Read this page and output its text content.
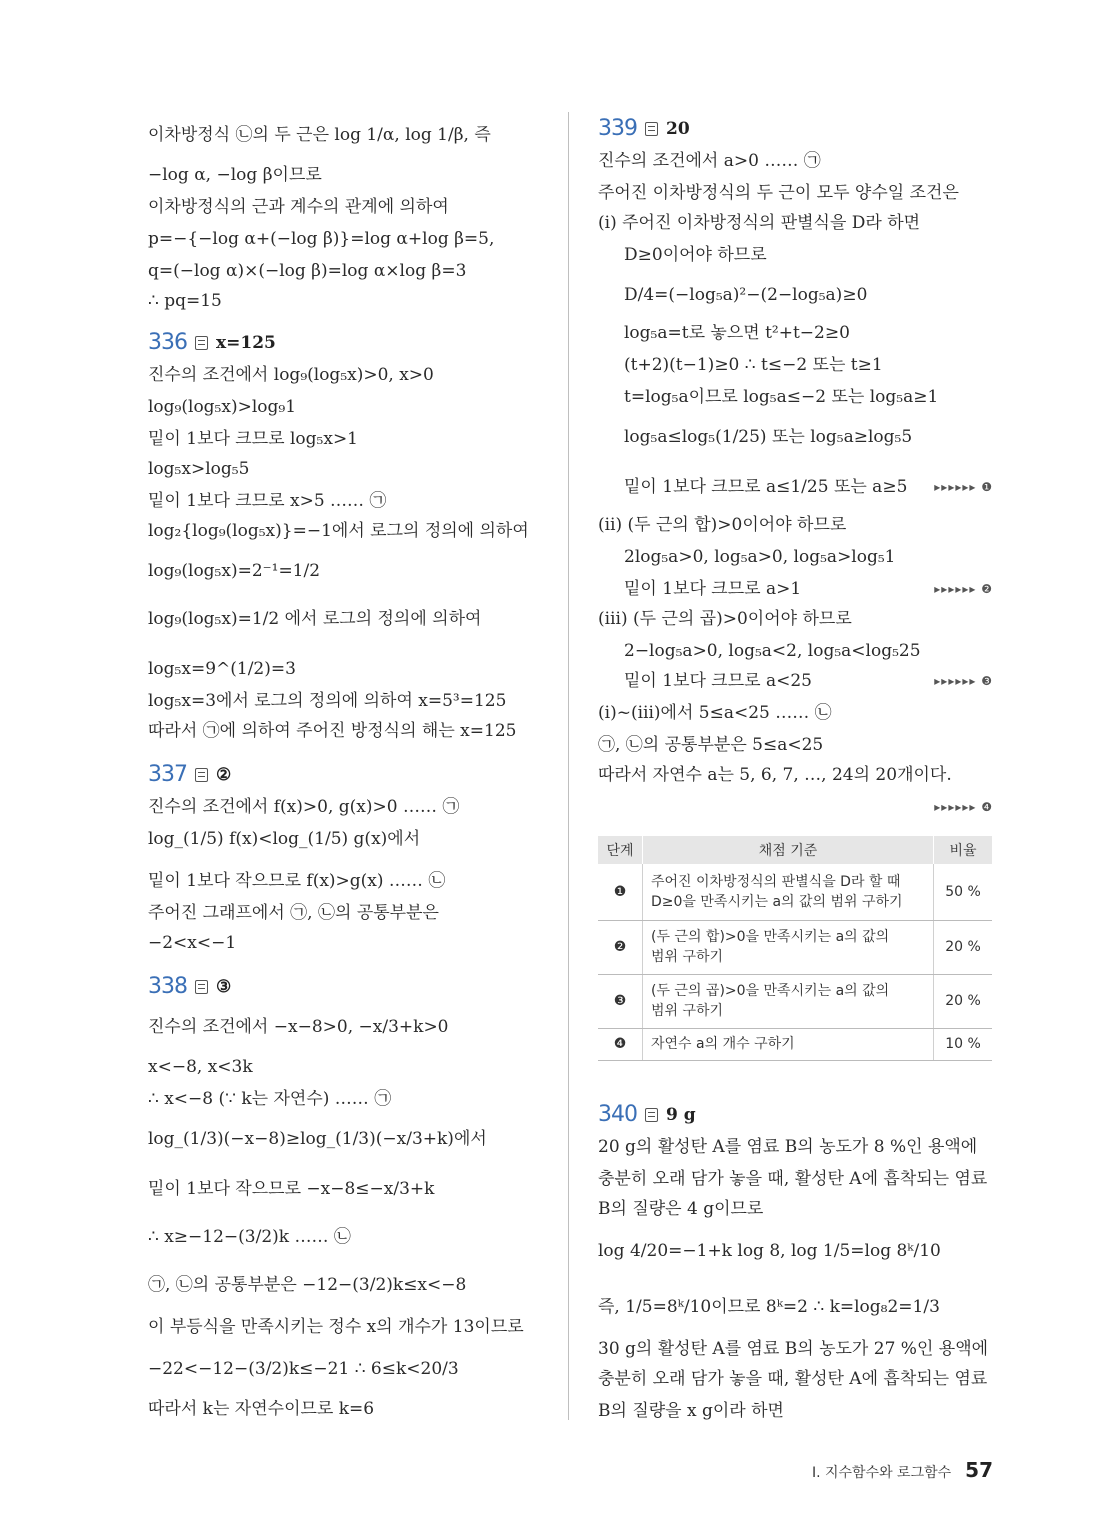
이차방정식 ㉡의 두 근은 log 1/α, log 1/β, 즉
−log α, −log β이므로
이차방정식의 근과 계수의 관계에 의하여
p=−{−log α+(−log β)}=log α+log β=5,
q=(−log α)×(−log β)=log α×log β=3
∴ pq=15
336 x=125
진수의 조건에서 log₉(log₅x)>0, x>0
log₉(log₅x)>log₉1
밑이 1보다 크므로 log₅x>1
log₅x>log₅5
밑이 1보다 크므로 x>5 …… ㉠
log₂{log₉(log₅x)}=−1에서 로그의 정의에 의하여
log₉(log₅x)=2⁻¹=1/2
log₉(log₅x)=1/2 에서 로그의 정의에 의하여
log₅x=9^(1/2)=3
log₅x=3에서 로그의 정의에 의하여 x=5³=125
따라서 ㉠에 의하여 주어진 방정식의 해는 x=125
337 ②
진수의 조건에서 f(x)>0, g(x)>0 …… ㉠
log_(1/5) f(x)<log_(1/5) g(x)에서
밑이 1보다 작으므로 f(x)>g(x) …… ㉡
주어진 그래프에서 ㉠, ㉡의 공통부분은
−2<x<−1
338 ③
진수의 조건에서 −x−8>0, −x/3+k>0
x<−8, x<3k
∴ x<−8 (∵ k는 자연수) …… ㉠
log_(1/3)(−x−8)≥log_(1/3)(−x/3+k)에서
밑이 1보다 작으므로 −x−8≤−x/3+k
∴ x≥−12−(3/2)k …… ㉡
㉠, ㉡의 공통부분은 −12−(3/2)k≤x<−8
이 부등식을 만족시키는 정수 x의 개수가 13이므로
−22<−12−(3/2)k≤−21 ∴ 6≤k<20/3
따라서 k는 자연수이므로 k=6
339 20
진수의 조건에서 a>0 …… ㉠
주어진 이차방정식의 두 근이 모두 양수일 조건은
(ⅰ) 주어진 이차방정식의 판별식을 D라 하면
D≥0이어야 하므로
D/4=(−log₅a)²−(2−log₅a)≥0
log₅a=t로 놓으면 t²+t−2≥0
(t+2)(t−1)≥0 ∴ t≤−2 또는 t≥1
t=log₅a이므로 log₅a≤−2 또는 log₅a≥1
log₅a≤log₅(1/25) 또는 log₅a≥log₅5
밑이 1보다 크므로 a≤1/25 또는 a≥5 ▸▸▸▸▸▸ ❶
(ⅱ) (두 근의 합)>0이어야 하므로
2log₅a>0, log₅a>0, log₅a>log₅1
밑이 1보다 크므로 a>1	▸▸▸▸▸▸ ❷
(ⅲ) (두 근의 곱)>0이어야 하므로
2−log₅a>0, log₅a<2, log₅a<log₅25
밑이 1보다 크므로 a<25	▸▸▸▸▸▸ ❸
(ⅰ)~(ⅲ)에서 5≤a<25 …… ㉡
㉠, ㉡의 공통부분은 5≤a<25
따라서 자연수 a는 5, 6, 7, …, 24의 20개이다.
▸▸▸▸▸▸ ❹
단계	채점 기준	비율
❶	주어진 이차방정식의 판별식을 D라 할 때
D≥0을 만족시키는 a의 값의 범위 구하기	50 %
❷	(두 근의 합)>0을 만족시키는 a의 값의
범위 구하기	20 %
❸	(두 근의 곱)>0을 만족시키는 a의 값의
범위 구하기	20 %
❹	자연수 a의 개수 구하기	10 %
340 9 g
20 g의 활성탄 A를 염료 B의 농도가 8 %인 용액에
충분히 오래 담가 놓을 때, 활성탄 A에 흡착되는 염료
B의 질량은 4 g이므로
log 4/20=−1+k log 8, log 1/5=log 8ᵏ/10
즉, 1/5=8ᵏ/10이므로 8ᵏ=2 ∴ k=log₈2=1/3
30 g의 활성탄 A를 염료 B의 농도가 27 %인 용액에
충분히 오래 담가 놓을 때, 활성탄 A에 흡착되는 염료
B의 질량을 x g이라 하면
Ⅰ. 지수함수와 로그함수 57
